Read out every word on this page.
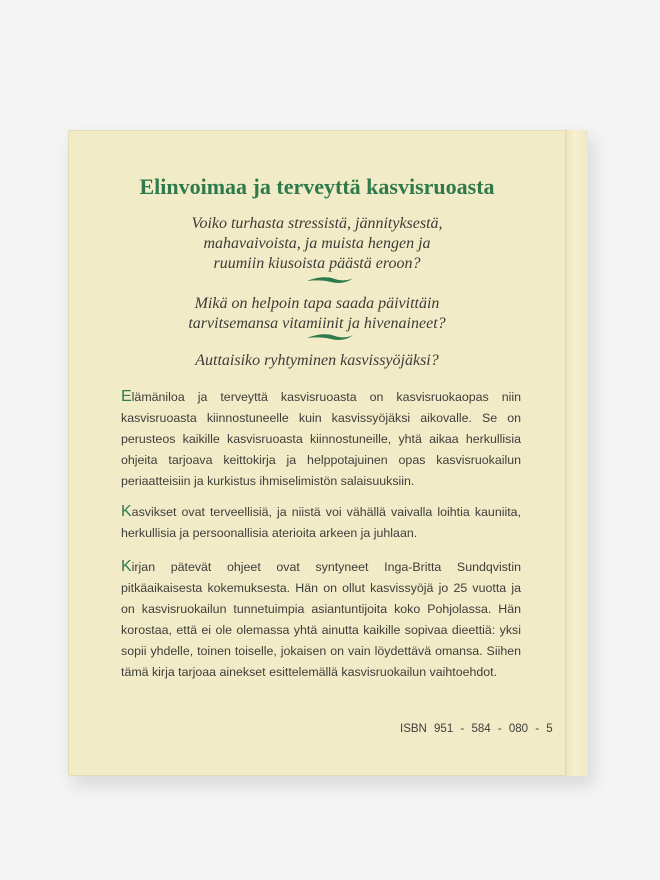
Elinvoimaa ja terveyttä kasvisruoasta
Voiko turhasta stressistä, jännityksestä,
mahavaivoista, ja muista hengen ja
ruumiin kiusoista päästä eroon?
Mikä on helpoin tapa saada päivittäin
tarvitsemansa vitamiinit ja hivenaineet?
Auttaisiko ryhtyminen kasvissyöjäksi?

Elämäniloa ja terveyttä kasvisruoasta on kasvisruokaopas niin kasvisruoasta kiinnostuneelle kuin kasvissyöjäksi aikovalle. Se on perusteos kaikille kasvisruoasta kiinnostuneille, yhtä aikaa herkullisia ohjeita tarjoava keittokirja ja helppotajuinen opas kasvisruokailun periaatteisiin ja kurkistus ihmiselimistön salaisuuksiin.

Kasvikset ovat terveellisiä, ja niistä voi vähällä vaivalla loihtia kauniita, herkullisia ja persoonallisia aterioita arkeen ja juhlaan.

Kirjan pätevät ohjeet ovat syntyneet Inga-Britta Sundqvistin pitkäaikaisesta kokemuksesta. Hän on ollut kasvissyöjä jo 25 vuotta ja on kasvisruokailun tunnetuimpia asiantuntijoita koko Pohjolassa. Hän korostaa, että ei ole olemassa yhtä ainutta kaikille sopivaa dieettiä: yksi sopii yhdelle, toinen toiselle, jokaisen on vain löydettävä omansa. Siihen tämä kirja tarjoaa ainekset esittelemällä kasvisruokailun vaihtoehdot.

ISBN 951 - 584 - 080 - 5
